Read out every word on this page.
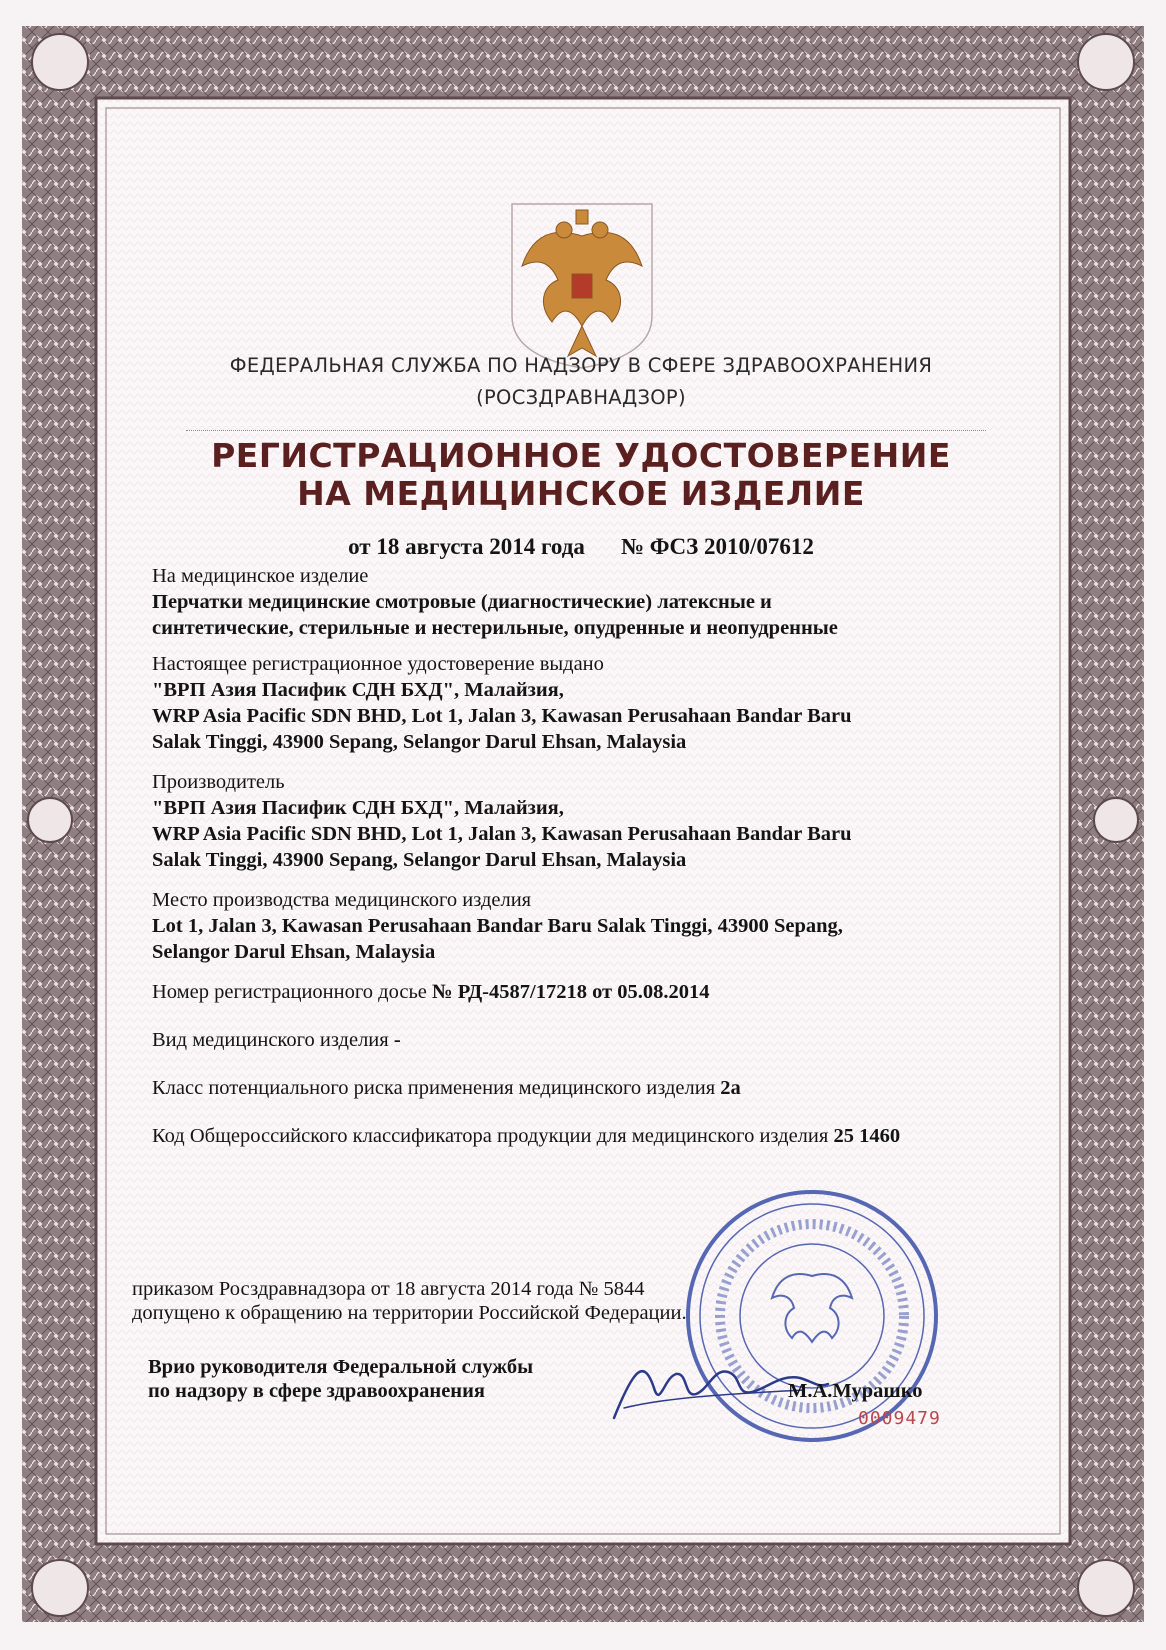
ФЕДЕРАЛЬНАЯ СЛУЖБА ПО НАДЗОРУ В СФЕРЕ ЗДРАВООХРАНЕНИЯ
(РОСЗДРАВНАДЗОР)
РЕГИСТРАЦИОННОЕ УДОСТОВЕРЕНИЕ
НА МЕДИЦИНСКОЕ ИЗДЕЛИЕ
от 18 августа 2014 года № ФСЗ 2010/07612
На медицинское изделие
Перчатки медицинские смотровые (диагностические) латексные и
синтетические, стерильные и нестерильные, опудренные и неопудренные
Настоящее регистрационное удостоверение выдано
"ВРП Азия Пасифик СДН БХД", Малайзия,
WRP Asia Pacific SDN BHD, Lot 1, Jalan 3, Kawasan Perusahaan Bandar Baru
Salak Tinggi, 43900 Sepang, Selangor Darul Ehsan, Malaysia
Производитель
"ВРП Азия Пасифик СДН БХД", Малайзия,
WRP Asia Pacific SDN BHD, Lot 1, Jalan 3, Kawasan Perusahaan Bandar Baru
Salak Tinggi, 43900 Sepang, Selangor Darul Ehsan, Malaysia
Место производства медицинского изделия
Lot 1, Jalan 3, Kawasan Perusahaan Bandar Baru Salak Tinggi, 43900 Sepang,
Selangor Darul Ehsan, Malaysia
Номер регистрационного досье № РД-4587/17218 от 05.08.2014
Вид медицинского изделия -
Класс потенциального риска применения медицинского изделия 2а
Код Общероссийского классификатора продукции для медицинского изделия 25 1460
приказом Росздравнадзора от 18 августа 2014 года № 5844
допущено к обращению на территории Российской Федерации.
Врио руководителя Федеральной службы
по надзору в сфере здравоохранения	М.А.Мурашко
0009479
